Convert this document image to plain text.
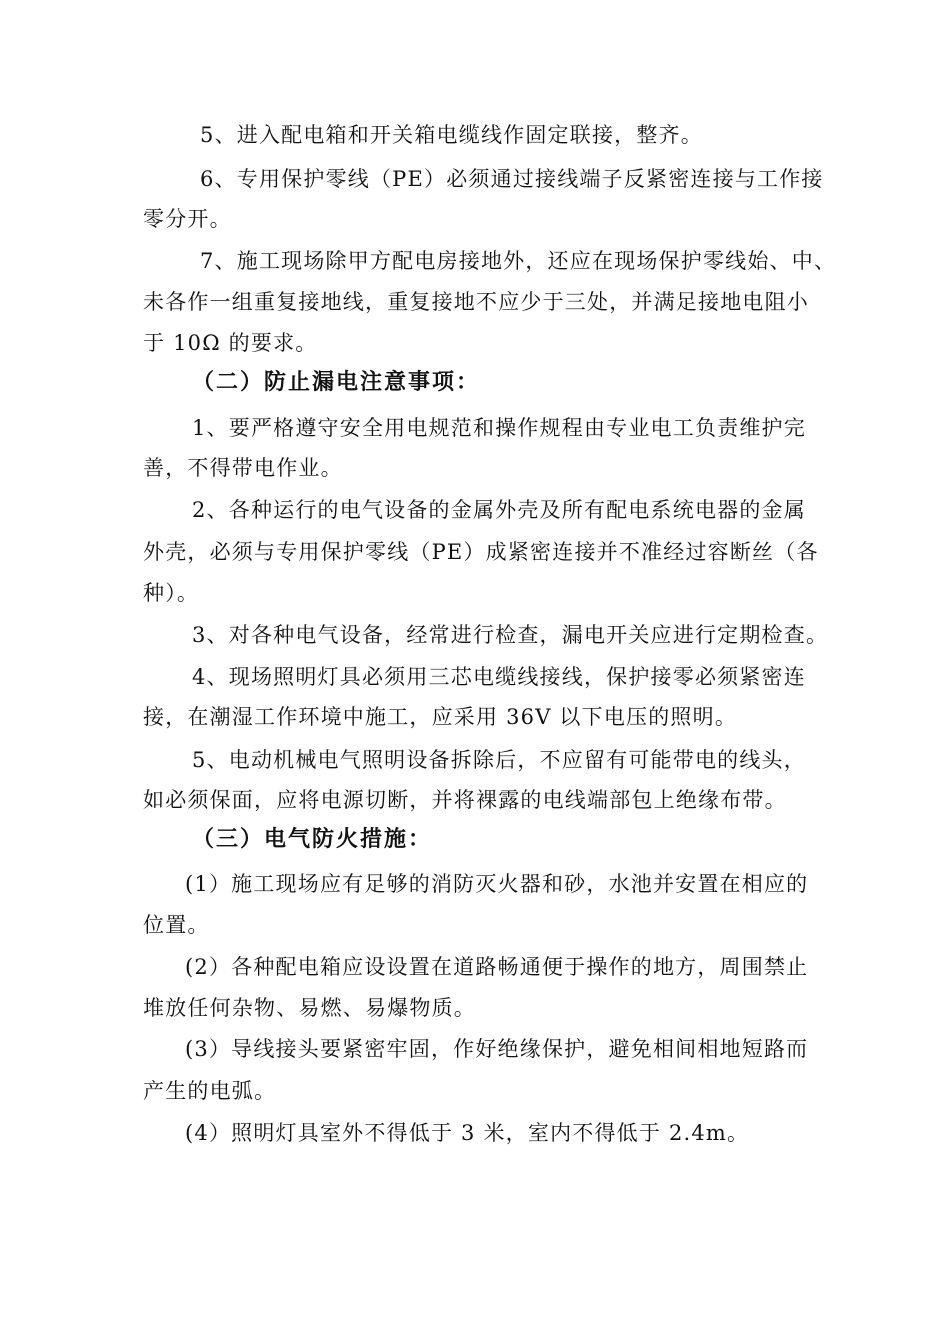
5、进入配电箱和开关箱电缆线作固定联接，整齐。
6、专用保护零线（PE）必须通过接线端子反紧密连接与工作接
零分开。
7、施工现场除甲方配电房接地外，还应在现场保护零线始、中、
未各作一组重复接地线，重复接地不应少于三处，并满足接地电阻小
于 10Ω 的要求。
（二）防止漏电注意事项：
1、要严格遵守安全用电规范和操作规程由专业电工负责维护完
善，不得带电作业。
2、各种运行的电气设备的金属外壳及所有配电系统电器的金属
外壳，必须与专用保护零线（PE）成紧密连接并不准经过容断丝（各
种）。
3、对各种电气设备，经常进行检查，漏电开关应进行定期检查。
4、现场照明灯具必须用三芯电缆线接线，保护接零必须紧密连
接，在潮湿工作环境中施工，应采用 36V 以下电压的照明。
5、电动机械电气照明设备拆除后，不应留有可能带电的线头，
如必须保面，应将电源切断，并将裸露的电线端部包上绝缘布带。
（三）电气防火措施：
(1）施工现场应有足够的消防灭火器和砂，水池并安置在相应的
位置。
(2）各种配电箱应设设置在道路畅通便于操作的地方，周围禁止
堆放任何杂物、易燃、易爆物质。
(3）导线接头要紧密牢固，作好绝缘保护，避免相间相地短路而
产生的电弧。
(4）照明灯具室外不得低于 3 米，室内不得低于 2.4m。
